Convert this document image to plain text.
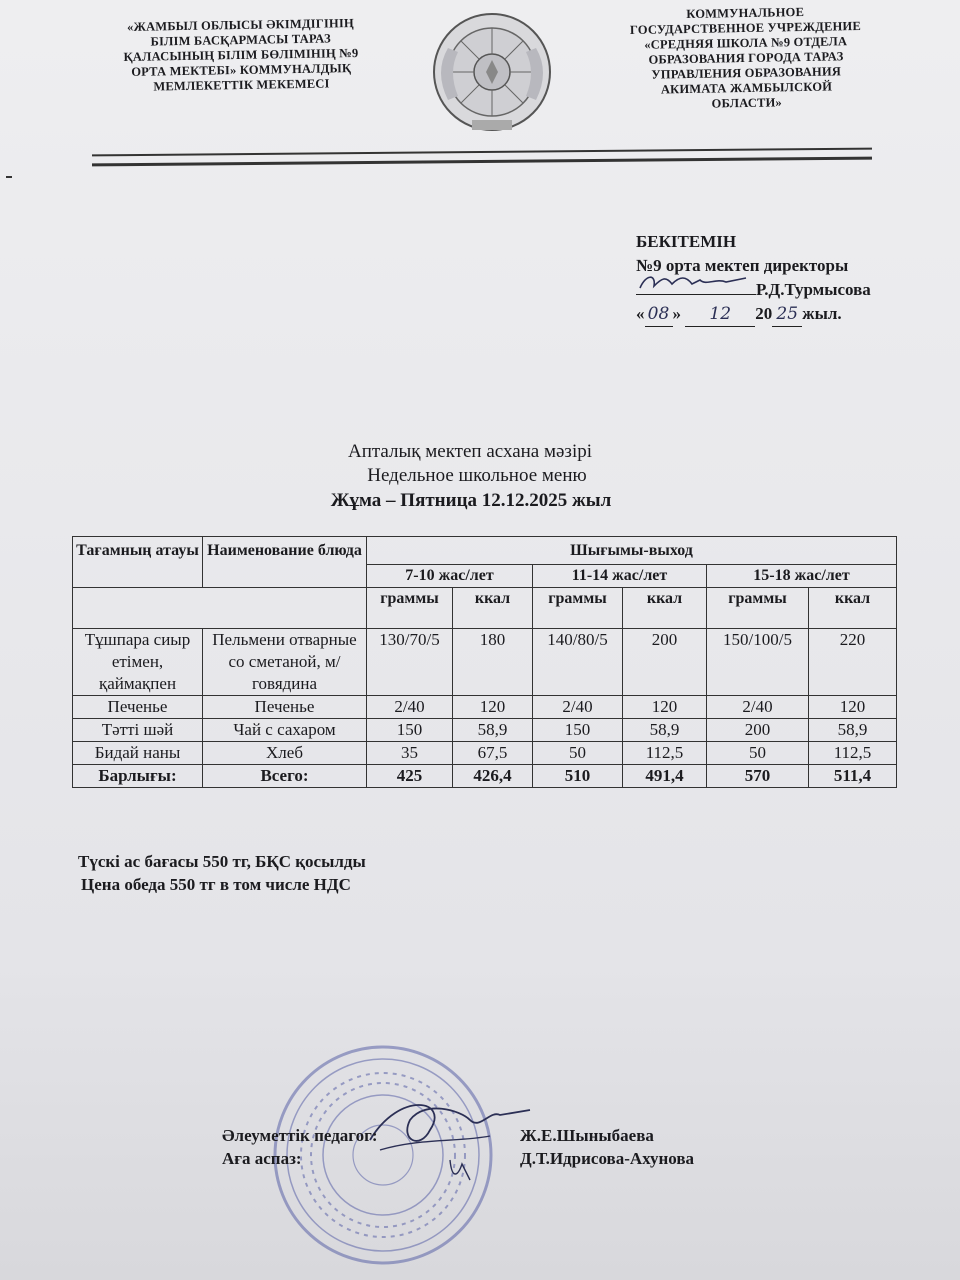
«ЖАМБЫЛ ОБЛЫСЫ ӘКІМДІГІНІҢ
БІЛІМ БАСҚАРМАСЫ ТАРАЗ
ҚАЛАСЫНЫҢ БІЛІМ БӨЛІМІНІҢ №9
ОРТА МЕКТЕБІ» КОММУНАЛДЫҚ
МЕМЛЕКЕТТІК МЕКЕМЕСІ
КОММУНАЛЬНОЕ
ГОСУДАРСТВЕННОЕ УЧРЕЖДЕНИЕ
«СРЕДНЯЯ ШКОЛА №9 ОТДЕЛА
ОБРАЗОВАНИЯ ГОРОДА ТАРАЗ
УПРАВЛЕНИЯ ОБРАЗОВАНИЯ
АКИМАТА ЖАМБЫЛСКОЙ
ОБЛАСТИ»
БЕКІТЕМІН
№9 орта мектеп директоры
Р.Д.Турмысова
« 08 » 12 20 25 жыл.
Апталық мектеп асхана мәзірі
Недельное школьное меню
Жұма – Пятница 12.12.2025 жыл
Тағамның атауы	Наименование блюда	Шығымы-выход					
		7-10 жас/лет		11-14 жас/лет		15-18 жас/лет	
		граммы	ккал	граммы	ккал	граммы	ккал
Тұшпара сиыр етімен, қаймақпен	Пельмени отварные со сметаной, м/говядина	130/70/5	180	140/80/5	200	150/100/5	220
Печенье	Печенье	2/40	120	2/40	120	2/40	120
Тәтті шәй	Чай с сахаром	150	58,9	150	58,9	200	58,9
Бидай наны	Хлеб	35	67,5	50	112,5	50	112,5
Барлығы:	Всего:	425	426,4	510	491,4	570	511,4
Түскі ас бағасы 550 тг, БҚС қосылды
Цена обеда 550 тг в том числе НДС
Әлеуметтік педагог:	Ж.Е.Шыныбаева
Аға аспаз:	Д.Т.Идрисова-Ахунова
